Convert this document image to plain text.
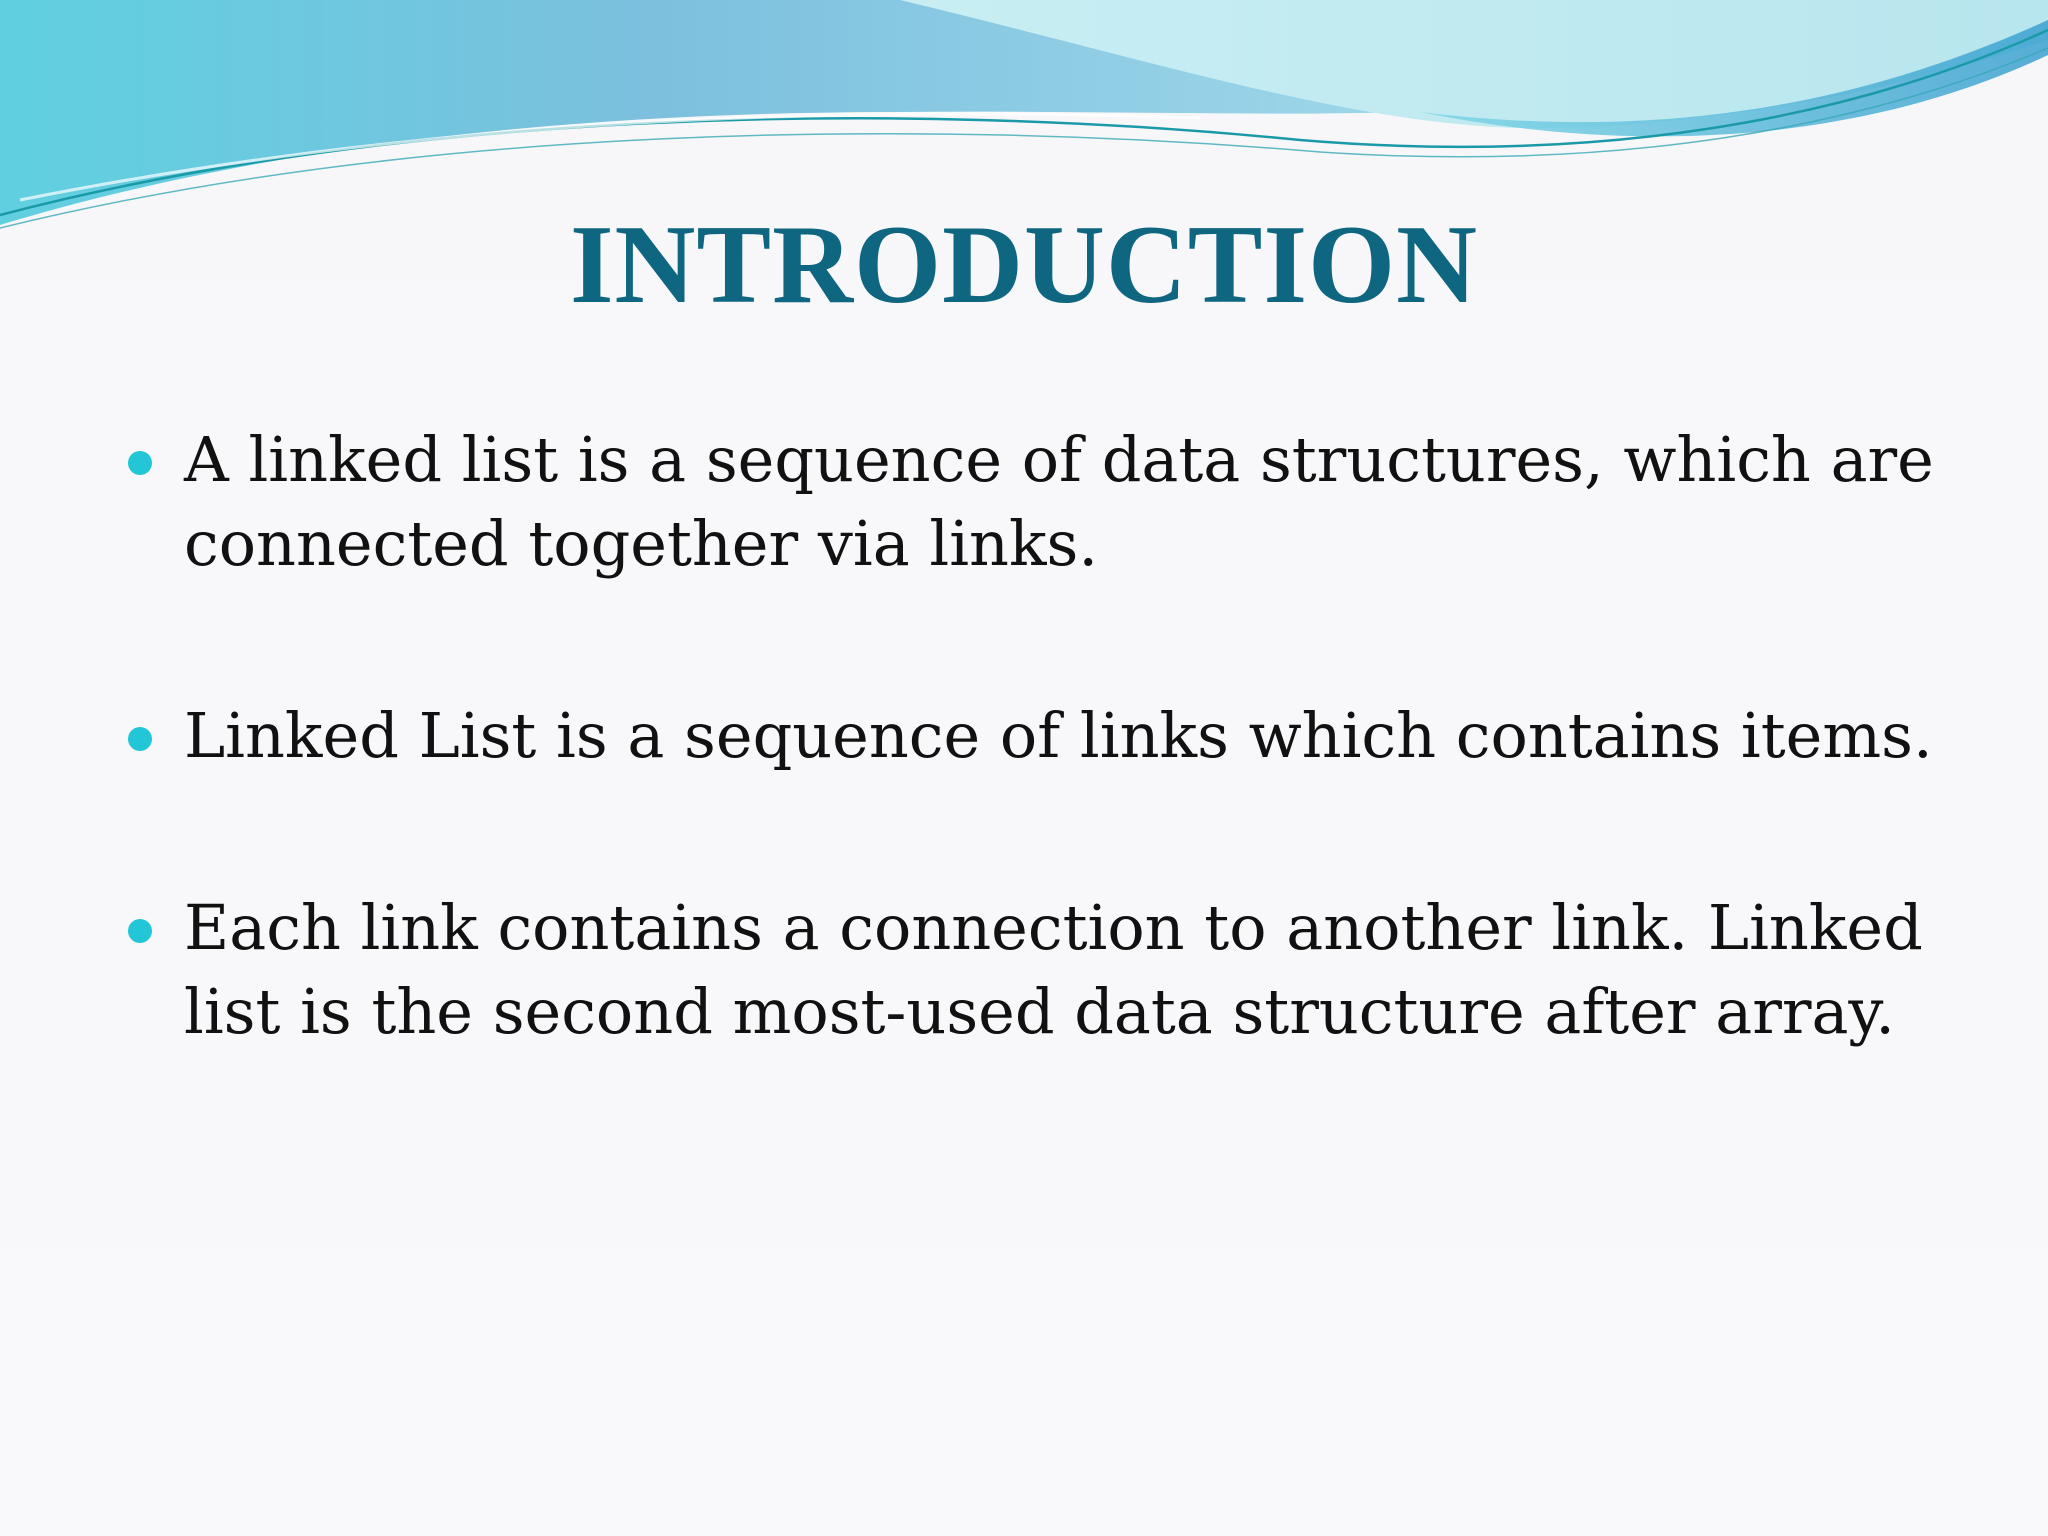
INTRODUCTION
A linked list is a sequence of data structures, which are connected together via links.
Linked List is a sequence of links which contains items.
Each link contains a connection to another link. Linked list is the second most-used data structure after array.
